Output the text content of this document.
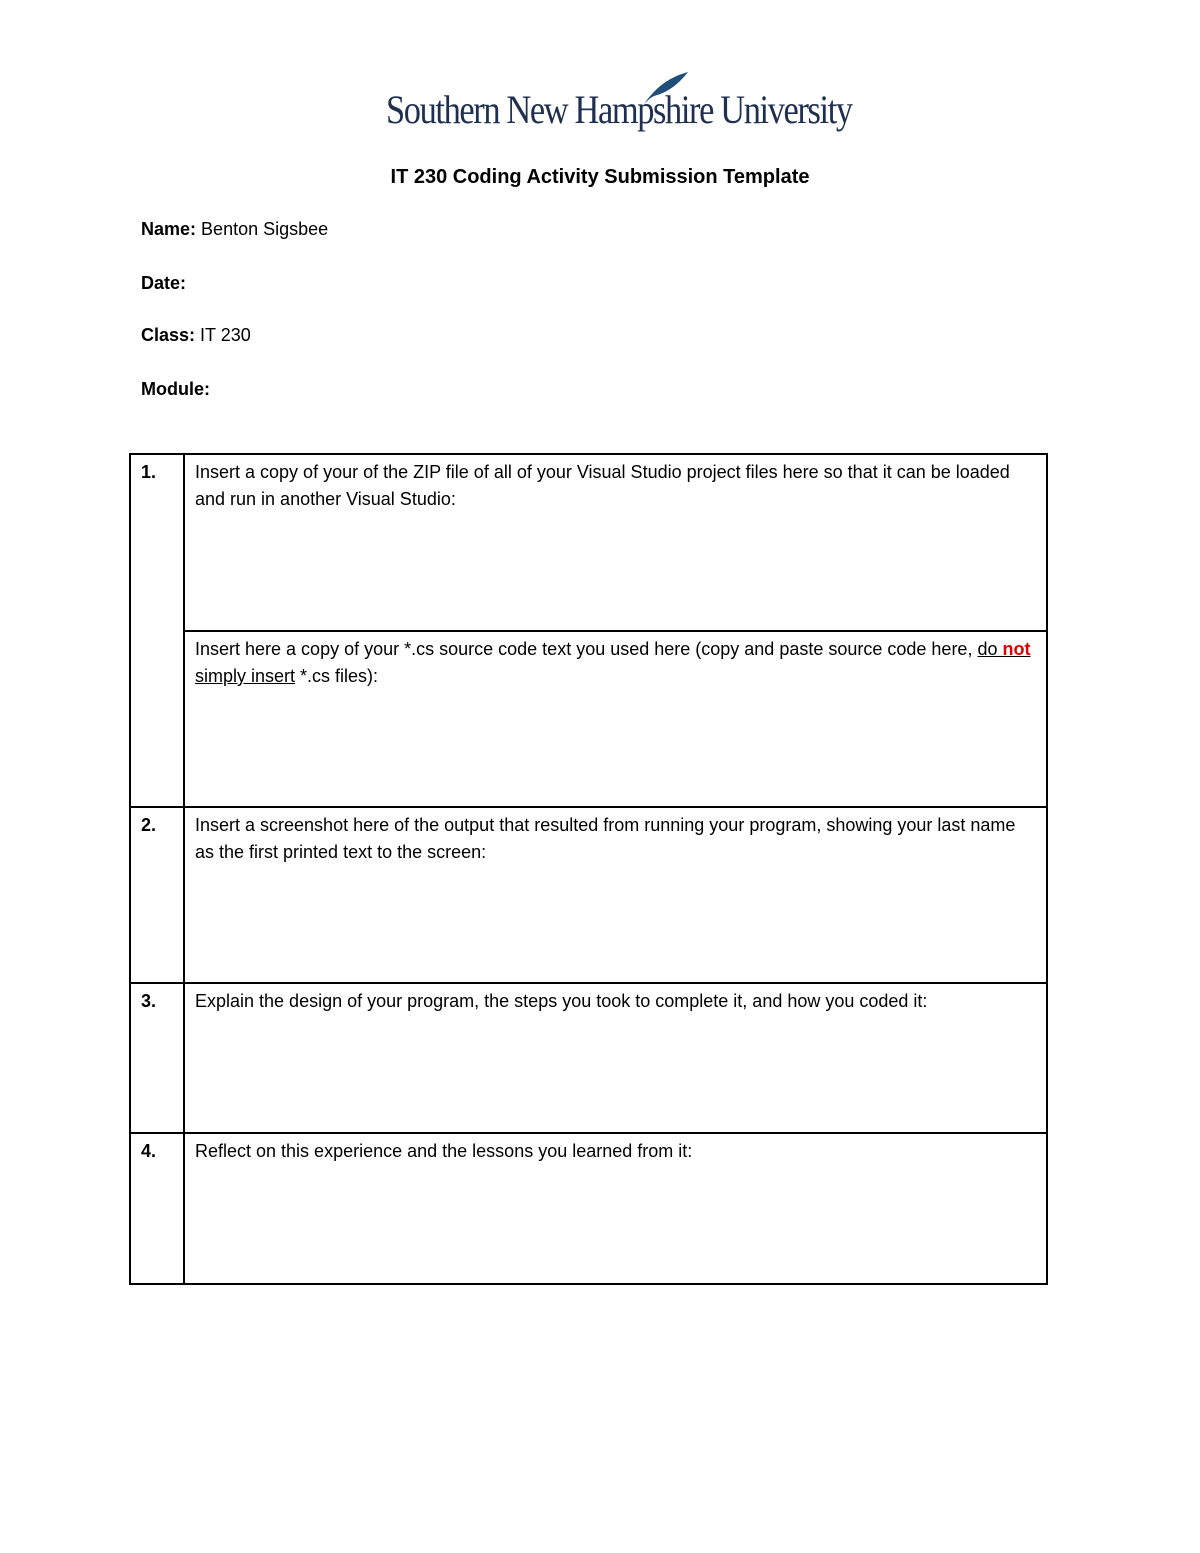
Southern New Hampshire University
IT 230 Coding Activity Submission Template
Name: Benton Sigsbee
Date:
Class: IT 230
Module:
1.	Insert a copy of your of the ZIP file of all of your Visual Studio project files here so that it can be loaded and run in another Visual Studio:
	Insert here a copy of your *.cs source code text you used here (copy and paste source code here, do not simply insert *.cs files):
2.	Insert a screenshot here of the output that resulted from running your program, showing your last name as the first printed text to the screen:
3.	Explain the design of your program, the steps you took to complete it, and how you coded it:
4.	Reflect on this experience and the lessons you learned from it:
